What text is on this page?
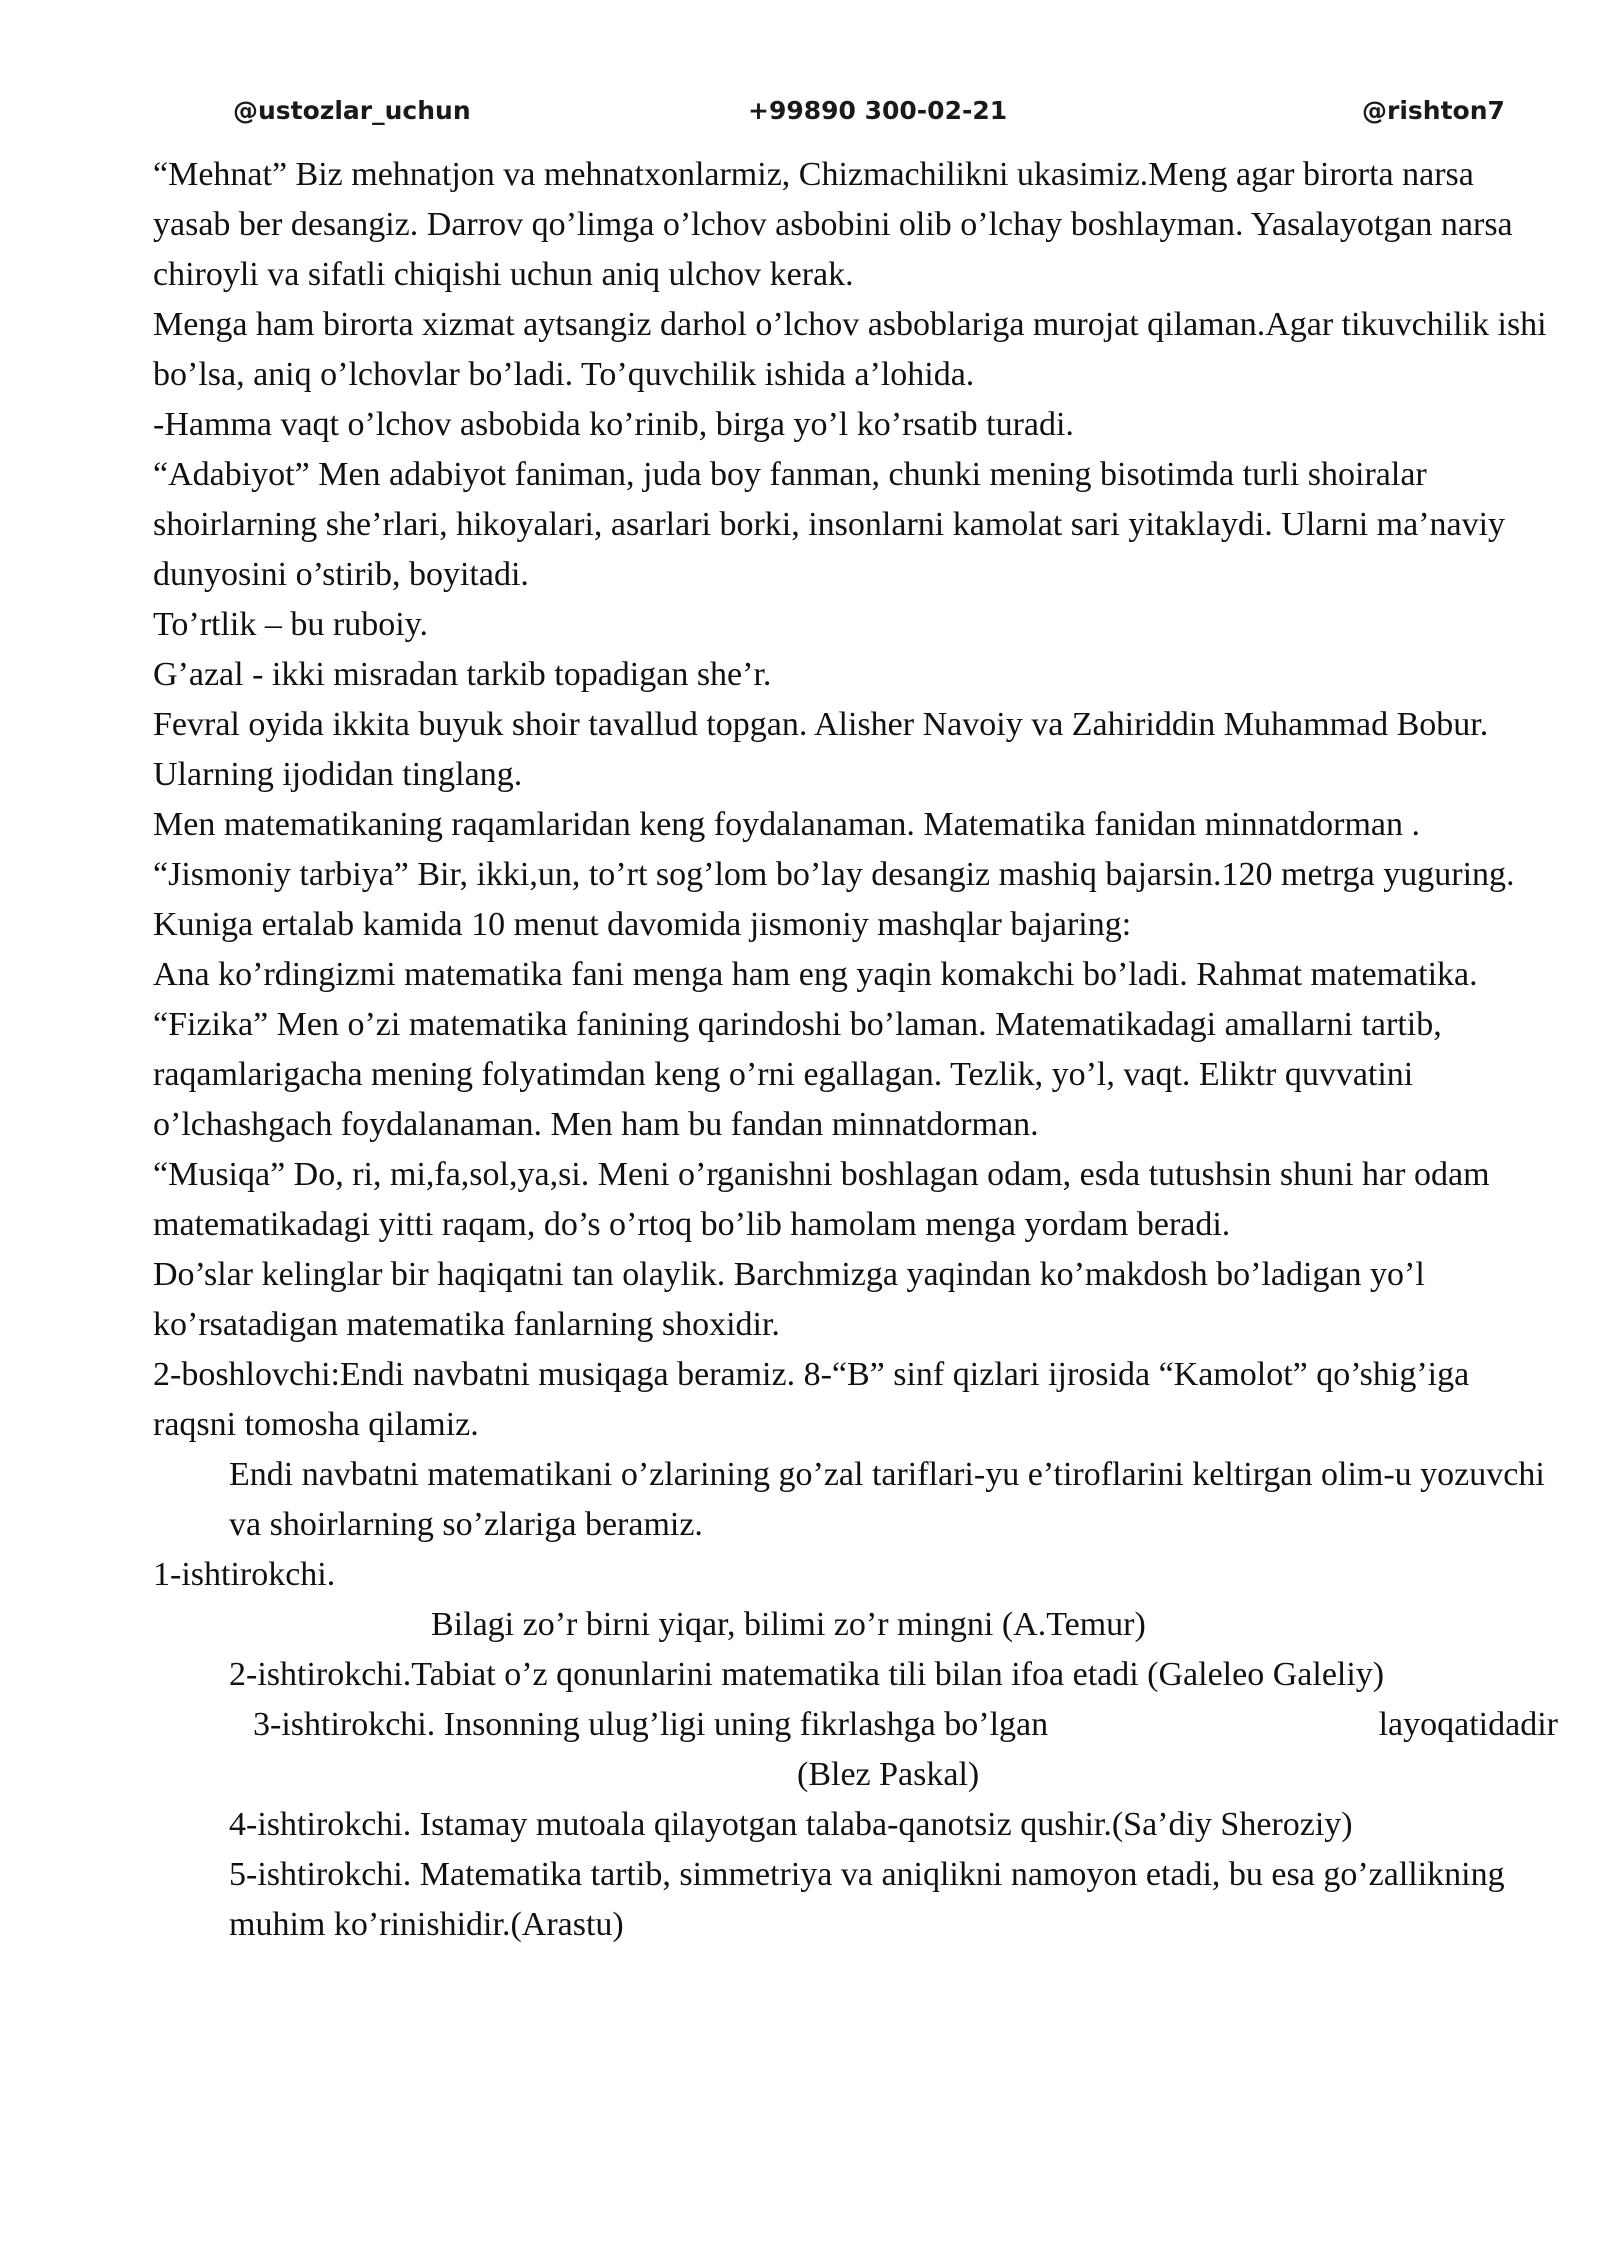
@ustozlar_uchun	+99890 300-02-21	@rishton7

“Mehnat” Biz mehnatjon va mehnatxonlarmiz, Chizmachilikni ukasimiz.Meng agar birorta narsa yasab ber desangiz. Darrov qo’limga o’lchov asbobini olib o’lchay boshlayman. Yasalayotgan narsa chiroyli va sifatli chiqishi uchun aniq ulchov kerak.

Menga ham birorta xizmat aytsangiz darhol o’lchov asboblariga murojat qilaman.Agar tikuvchilik ishi bo’lsa, aniq o’lchovlar bo’ladi. To’quvchilik ishida a’lohida.

-Hamma vaqt o’lchov asbobida ko’rinib, birga yo’l ko’rsatib turadi.

“Adabiyot” Men adabiyot faniman, juda boy fanman, chunki mening bisotimda turli shoiralar shoirlarning she’rlari, hikoyalari, asarlari borki, insonlarni kamolat sari yitaklaydi. Ularni ma’naviy dunyosini o’stirib, boyitadi.

To’rtlik – bu ruboiy.

G’azal - ikki misradan tarkib topadigan she’r.

Fevral oyida ikkita buyuk shoir tavallud topgan. Alisher Navoiy va Zahiriddin Muhammad Bobur. Ularning ijodidan tinglang.

Men matematikaning raqamlaridan keng foydalanaman. Matematika fanidan minnatdorman .

“Jismoniy tarbiya” Bir, ikki,un, to’rt sog’lom bo’lay desangiz mashiq bajarsin.120 metrga yuguring. Kuniga ertalab kamida 10 menut davomida jismoniy mashqlar bajaring:

Ana ko’rdingizmi matematika fani menga ham eng yaqin komakchi bo’ladi. Rahmat matematika.

“Fizika” Men o’zi matematika fanining qarindoshi bo’laman. Matematikadagi amallarni tartib, raqamlarigacha mening folyatimdan keng o’rni egallagan. Tezlik, yo’l, vaqt. Eliktr quvvatini o’lchashgach foydalanaman. Men ham bu fandan minnatdorman.

“Musiqa” Do, ri, mi,fa,sol,ya,si. Meni o’rganishni boshlagan odam, esda tutushsin shuni har odam matematikadagi yitti raqam, do’s o’rtoq bo’lib hamolam menga yordam beradi.

Do’slar kelinglar bir haqiqatni tan olaylik. Barchmizga yaqindan ko’makdosh bo’ladigan yo’l ko’rsatadigan matematika fanlarning shoxidir.

2-boshlovchi:Endi navbatni musiqaga beramiz. 8-“B” sinf qizlari ijrosida “Kamolot” qo’shig’iga raqsni tomosha qilamiz.

Endi navbatni matematikani o’zlarining go’zal tariflari-yu e’tiroflarini keltirgan olim-u yozuvchi va shoirlarning so’zlariga beramiz.

1-ishtirokchi.

Bilagi zo’r birni yiqar, bilimi zo’r mingni (A.Temur)

2-ishtirokchi.Tabiat o’z qonunlarini matematika tili bilan ifoa etadi (Galeleo Galeliy)

3-ishtirokchi. Insonning ulug’ligi uning fikrlashga bo’lgan	layoqatidadir

(Blez Paskal)

4-ishtirokchi. Istamay mutoala qilayotgan talaba-qanotsiz qushir.(Sa’diy Sheroziy)

5-ishtirokchi. Matematika tartib, simmetriya va aniqlikni namoyon etadi, bu esa go’zallikning muhim ko’rinishidir.(Arastu)
